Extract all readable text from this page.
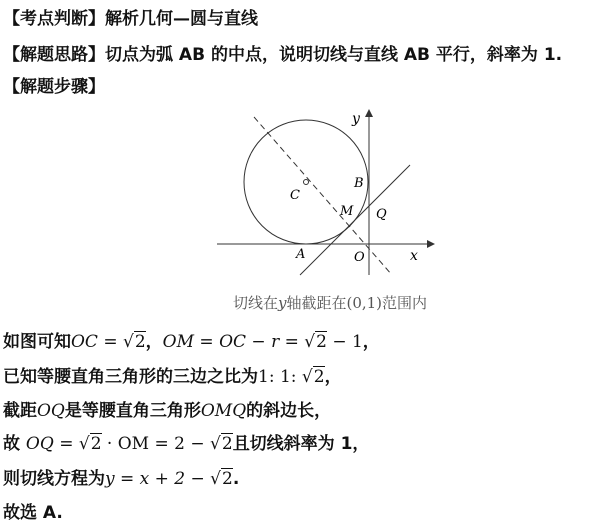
【考点判断】解析几何—圆与直线
【解题思路】切点为弧 AB 的中点，说明切线与直线 AB 平行，斜率为 1.
【解题步骤】
y
x
B
C
M Q
A	O
切线在y轴截距在(0,1)范围内
如图可知OC = √2，OM = OC − r = √2 − 1，
已知等腰直角三角形的三边之比为1: 1: √2，
截距OQ是等腰直角三角形OMQ的斜边长，
故 OQ = √2 · OM = 2 − √2且切线斜率为 1，
则切线方程为y = x + 2 − √2.
故选 A.
